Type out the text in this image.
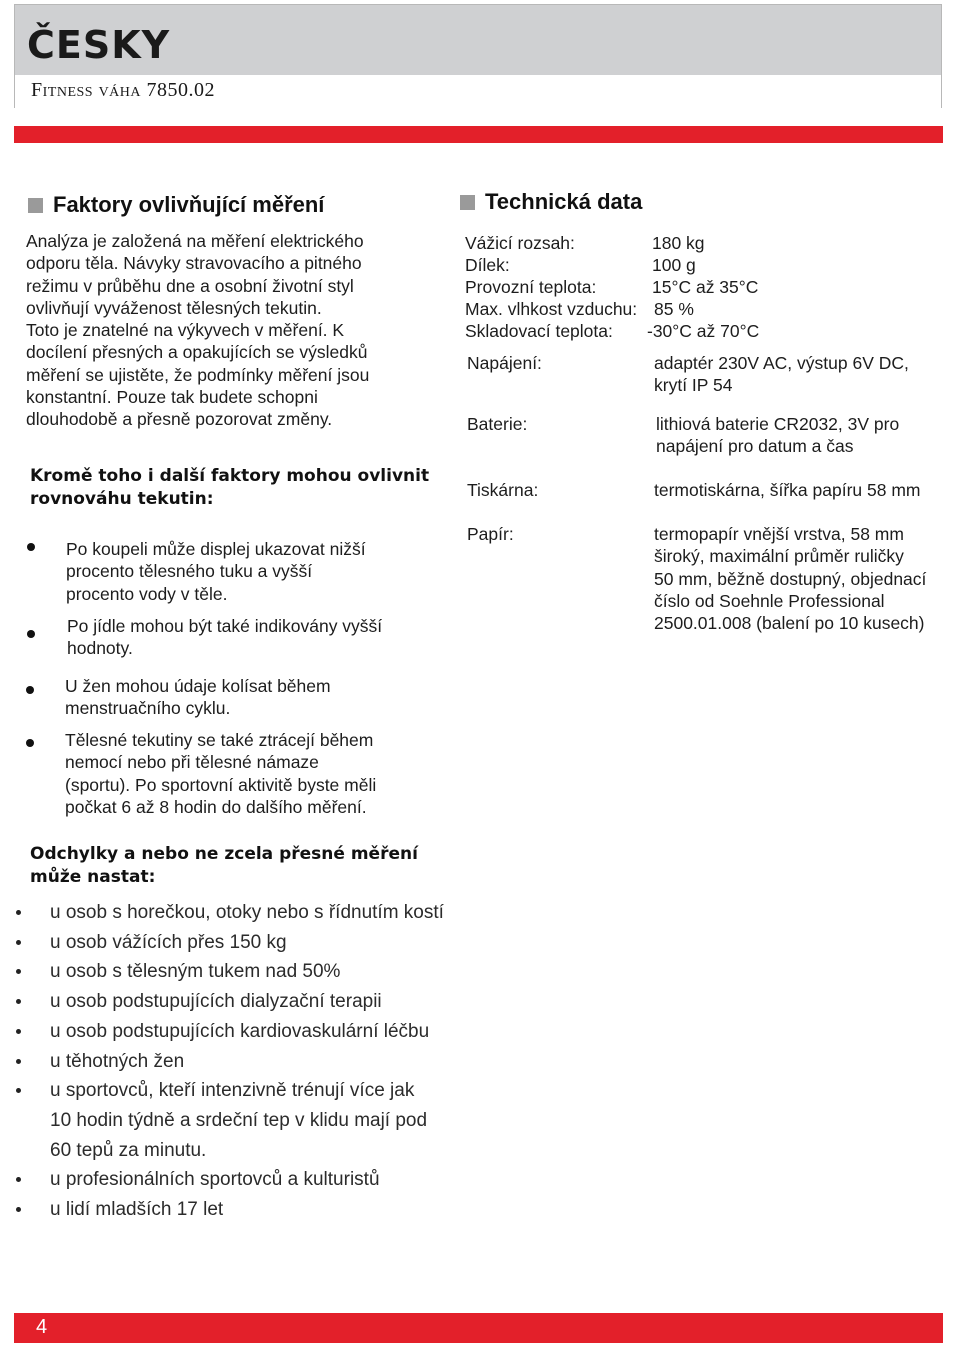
ČESKY
Fitness váha 7850.02
Faktory ovlivňující měření
Analýza je založená na měření elektrického
odporu těla. Návyky stravovacího a pitného
režimu v průběhu dne a osobní životní styl
ovlivňují vyváženost tělesných tekutin.
Toto je znatelné na výkyvech v měření. K
docílení přesných a opakujících se výsledků
měření se ujistěte, že podmínky měření jsou
konstantní. Pouze tak budete schopni
dlouhodobě a přesně pozorovat změny.
Kromě toho i další faktory mohou ovlivnit
rovnováhu tekutin:
Po koupeli může displej ukazovat nižší
procento tělesného tuku a vyšší
procento vody v těle.
Po jídle mohou být také indikovány vyšší
hodnoty.
U žen mohou údaje kolísat během
menstruačního cyklu.
Tělesné tekutiny se také ztrácejí během
nemocí nebo při tělesné námaze
(sportu). Po sportovní aktivitě byste měli
počkat 6 až 8 hodin do dalšího měření.
Odchylky a nebo ne zcela přesné měření
může nastat:
u osob s horečkou, otoky nebo s řídnutím kostí
u osob vážících přes 150 kg
u osob s tělesným tukem nad 50%
u osob podstupujících dialyzační terapii
u osob podstupujících kardiovaskulární léčbu
u těhotných žen
u sportovců, kteří intenzivně trénují více jak
10 hodin týdně a srdeční tep v klidu mají pod
60 tepů za minutu.
u profesionálních sportovců a kulturistů
u lidí mladších 17 let
Technická data
Vážicí rozsah:	180 kg
Dílek:	100 g
Provozní teplota:	15°C až 35°C
Max. vlhkost vzduchu: 85 %
Skladovací teplota: -30°C až 70°C
Napájení:	adaptér 230V AC, výstup 6V DC,
krytí IP 54
Baterie:	lithiová baterie CR2032, 3V pro
napájení pro datum a čas
Tiskárna:	termotiskárna, šířka papíru 58 mm
Papír:	termopapír vnější vrstva, 58 mm
široký, maximální průměr ruličky
50 mm, běžně dostupný, objednací
číslo od Soehnle Professional
2500.01.008 (balení po 10 kusech)
4
